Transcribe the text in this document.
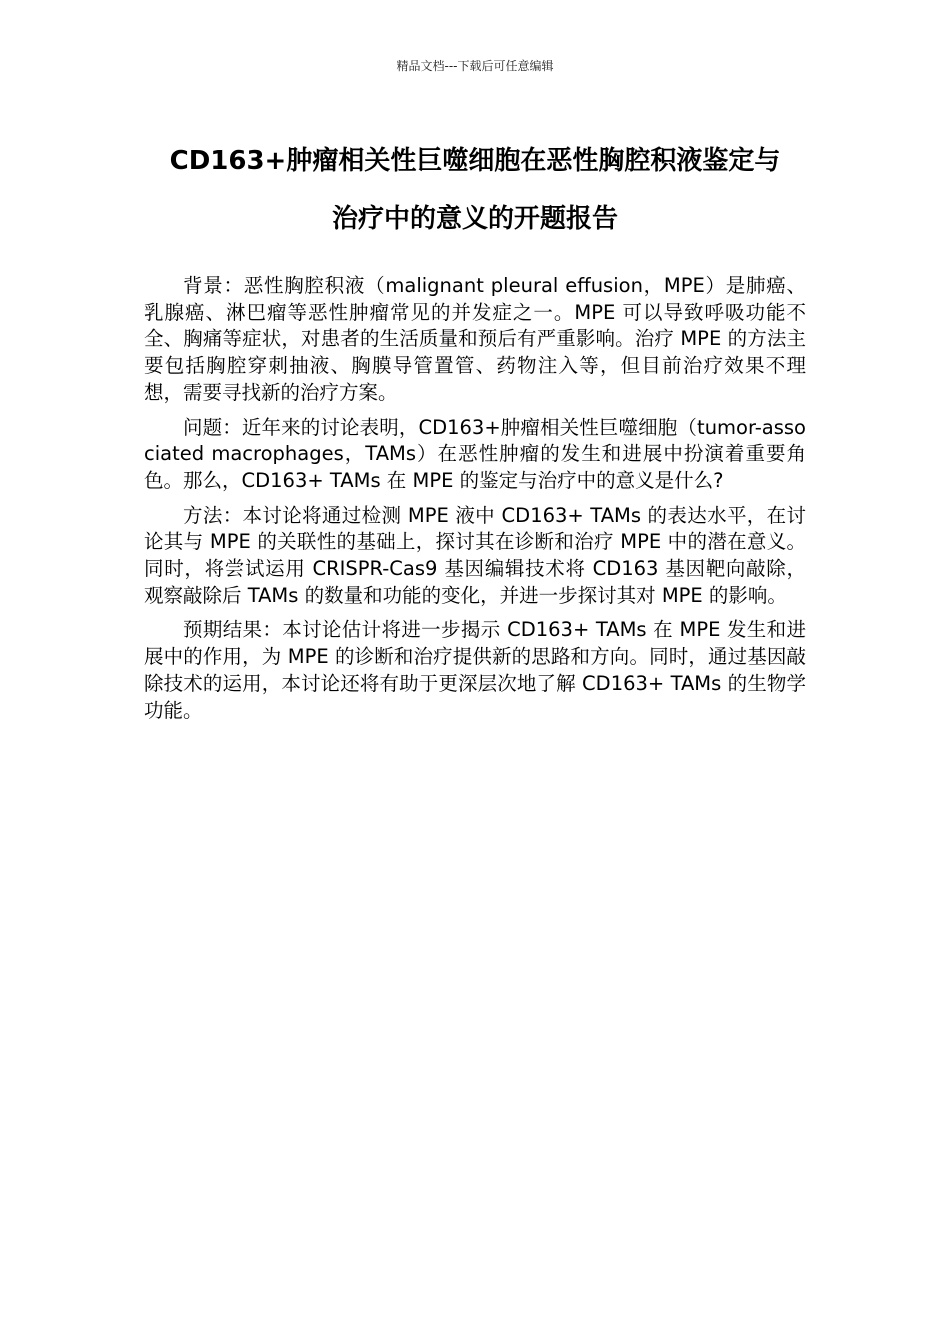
精品文档---下载后可任意编辑
CD163+肿瘤相关性巨噬细胞在恶性胸腔积液鉴定与
治疗中的意义的开题报告

背景：恶性胸腔积液（malignant pleural effusion，MPE）是肺癌、乳腺癌、淋巴瘤等恶性肿瘤常见的并发症之一。MPE 可以导致呼吸功能不全、胸痛等症状，对患者的生活质量和预后有严重影响。治疗 MPE 的方法主要包括胸腔穿刺抽液、胸膜导管置管、药物注入等，但目前治疗效果不理想，需要寻找新的治疗方案。

问题：近年来的讨论表明，CD163+肿瘤相关性巨噬细胞（tumor-associated macrophages，TAMs）在恶性肿瘤的发生和进展中扮演着重要角色。那么，CD163+ TAMs 在 MPE 的鉴定与治疗中的意义是什么?

方法：本讨论将通过检测 MPE 液中 CD163+ TAMs 的表达水平，在讨论其与 MPE 的关联性的基础上，探讨其在诊断和治疗 MPE 中的潜在意义。同时，将尝试运用 CRISPR-Cas9 基因编辑技术将 CD163 基因靶向敲除，观察敲除后 TAMs 的数量和功能的变化，并进一步探讨其对 MPE 的影响。

预期结果：本讨论估计将进一步揭示 CD163+ TAMs 在 MPE 发生和进展中的作用，为 MPE 的诊断和治疗提供新的思路和方向。同时，通过基因敲除技术的运用，本讨论还将有助于更深层次地了解 CD163+ TAMs 的生物学功能。
